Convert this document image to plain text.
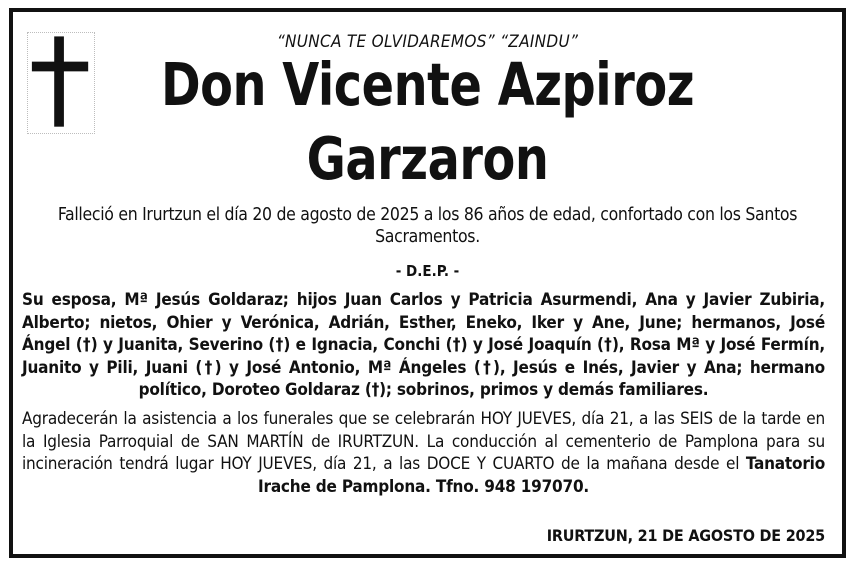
“NUNCA TE OLVIDAREMOS” “ZAINDU”
Don Vicente Azpiroz
Garzaron
Falleció en Irurtzun el día 20 de agosto de 2025 a los 86 años de edad, confortado con los Santos Sacramentos.
- D.E.P. -
Su esposa, Mª Jesús Goldaraz; hijos Juan Carlos y Patricia Asurmendi, Ana y Javier Zubiria, Alberto; nietos, Ohier y Verónica, Adrián, Esther, Eneko, Iker y Ane, June; hermanos, José Ángel (†) y Juanita, Severino (†) e Ignacia, Conchi (†) y José Joaquín (†), Rosa Mª y José Fermín, Juanito y Pili, Juani (†) y José Antonio, Mª Ángeles (†), Jesús e Inés, Javier y Ana; hermano político, Doroteo Goldaraz (†); sobrinos, primos y demás familiares.
Agradecerán la asistencia a los funerales que se celebrarán HOY JUEVES, día 21, a las SEIS de la tarde en la Iglesia Parroquial de SAN MARTÍN de IRURTZUN. La conducción al cementerio de Pamplona para su incineración tendrá lugar HOY JUEVES, día 21, a las DOCE Y CUARTO de la mañana desde el Tanatorio Irache de Pamplona. Tfno. 948 197070.
IRURTZUN, 21 DE AGOSTO DE 2025
